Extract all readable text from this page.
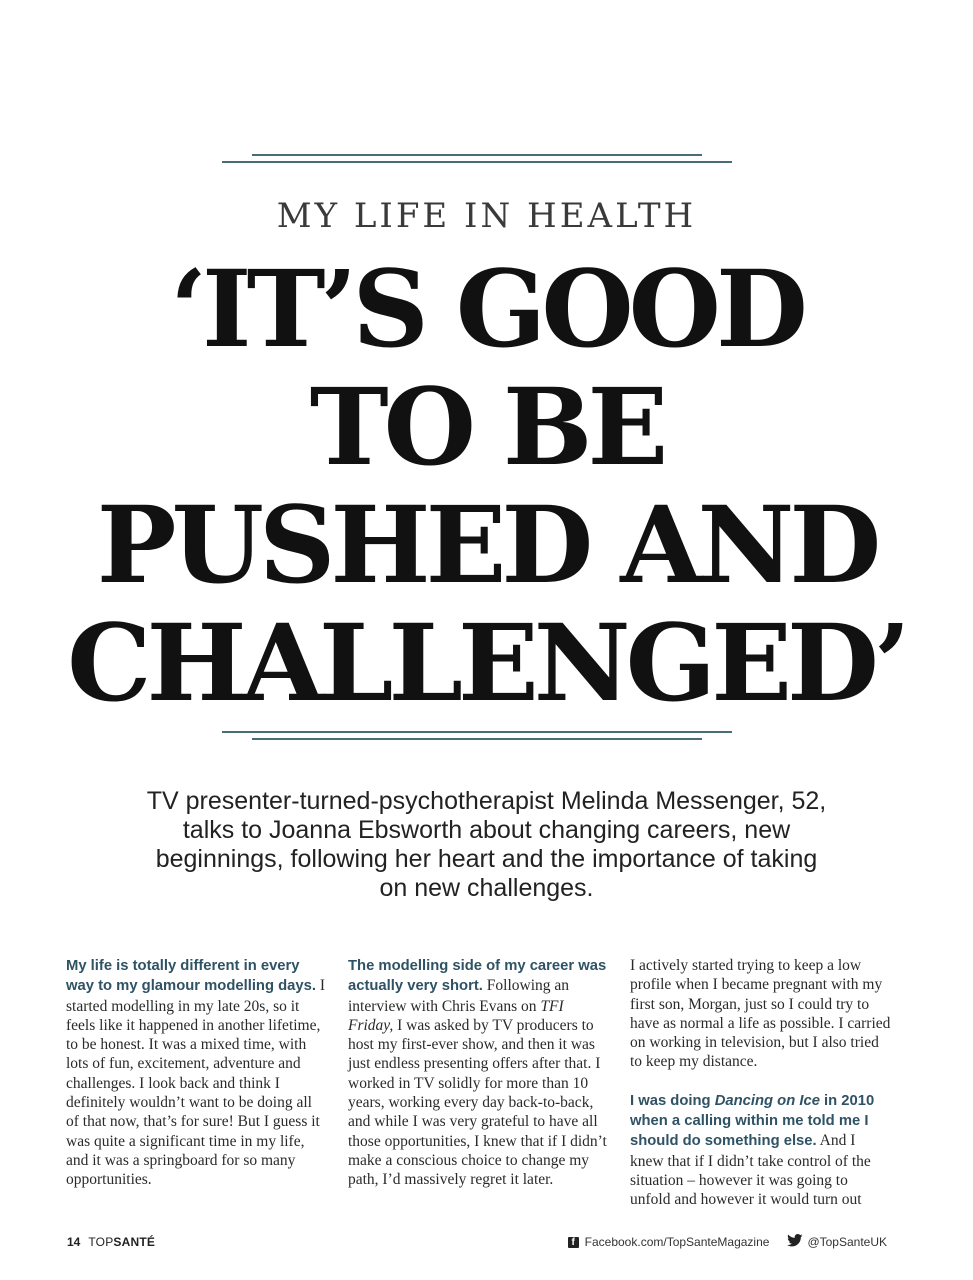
MY LIFE IN HEALTH
‘IT’S GOOD
TO BE
PUSHED AND
CHALLENGED’

TV presenter-turned-psychotherapist Melinda Messenger, 52, talks to Joanna Ebsworth about changing careers, new beginnings, following her heart and the importance of taking on new challenges.

My life is totally different in every way to my glamour modelling days. I started modelling in my late 20s, so it feels like it happened in another lifetime, to be honest. It was a mixed time, with lots of fun, excitement, adventure and challenges. I look back and think I definitely wouldn’t want to be doing all of that now, that’s for sure! But I guess it was quite a significant time in my life, and it was a springboard for so many opportunities.

The modelling side of my career was actually very short. Following an interview with Chris Evans on TFI Friday, I was asked by TV producers to host my first-ever show, and then it was just endless presenting offers after that. I worked in TV solidly for more than 10 years, working every day back-to-back, and while I was very grateful to have all those opportunities, I knew that if I didn’t make a conscious choice to change my path, I’d massively regret it later.

I actively started trying to keep a low profile when I became pregnant with my first son, Morgan, just so I could try to have as normal a life as possible. I carried on working in television, but I also tried to keep my distance.

I was doing Dancing on Ice in 2010 when a calling within me told me I should do something else. And I knew that if I didn’t take control of the situation – however it was going to unfold and however it would turn out

14 TOPSANTÉ	f Facebook.com/TopSanteMagazine	@TopSanteUK
